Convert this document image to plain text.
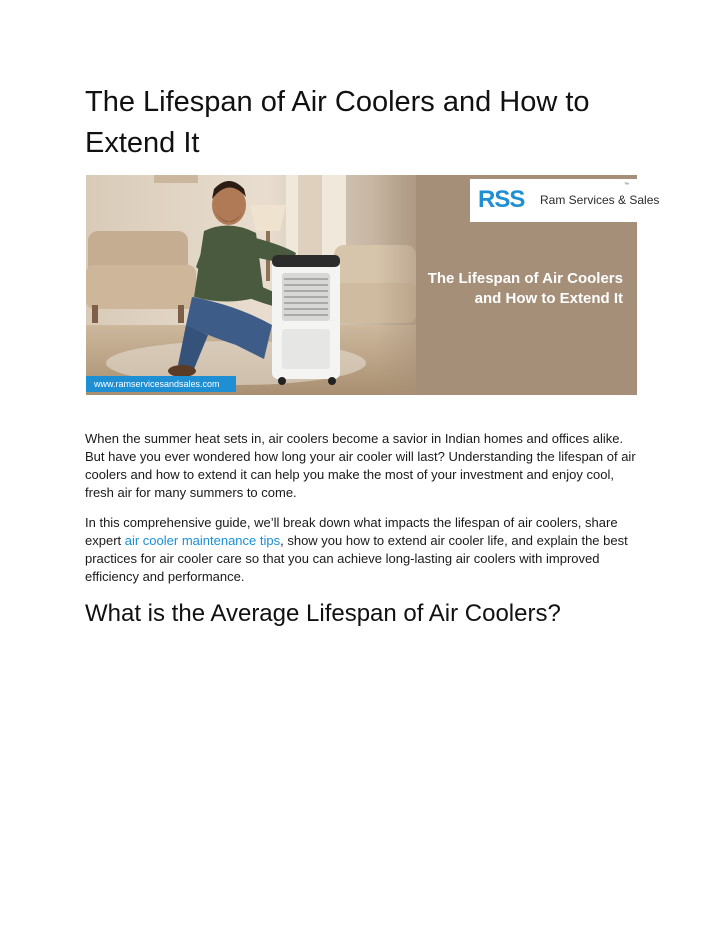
The Lifespan of Air Coolers and How to Extend It
RSS Ram Services & Sales
™
The Lifespan of Air Coolers
and How to Extend It
www.ramservicesandsales.com

When the summer heat sets in, air coolers become a savior in Indian homes and offices alike. But have you ever wondered how long your air cooler will last? Understanding the lifespan of air coolers and how to extend it can help you make the most of your investment and enjoy cool, fresh air for many summers to come.

In this comprehensive guide, we’ll break down what impacts the lifespan of air coolers, share expert air cooler maintenance tips, show you how to extend air cooler life, and explain the best practices for air cooler care so that you can achieve long-lasting air coolers with improved efficiency and performance.

What is the Average Lifespan of Air Coolers?
